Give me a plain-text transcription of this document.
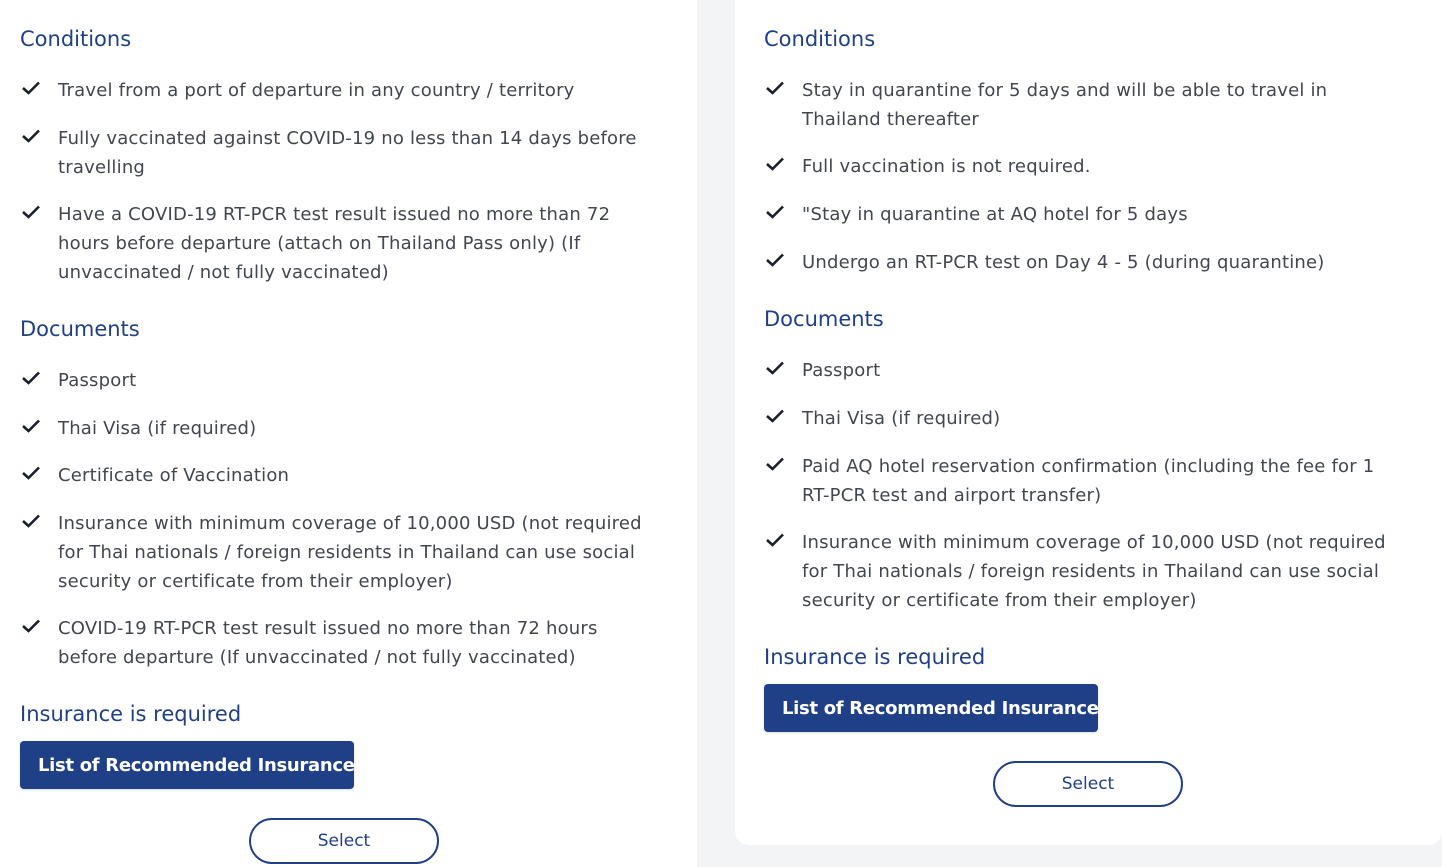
Conditions
Travel from a port of departure in any country / territory
Fully vaccinated against COVID-19 no less than 14 days before travelling
Have a COVID-19 RT-PCR test result issued no more than 72 hours before departure (attach on Thailand Pass only) (If unvaccinated / not fully vaccinated)
Documents
Passport
Thai Visa (if required)
Certificate of Vaccination
Insurance with minimum coverage of 10,000 USD (not required for Thai nationals / foreign residents in Thailand can use social security or certificate from their employer)
COVID-19 RT-PCR test result issued no more than 72 hours before departure (If unvaccinated / not fully vaccinated)
Insurance is required
List of Recommended Insurance
Select
Conditions
Stay in quarantine for 5 days and will be able to travel in Thailand thereafter
Full vaccination is not required.
"Stay in quarantine at AQ hotel for 5 days
Undergo an RT-PCR test on Day 4 - 5 (during quarantine)
Documents
Passport
Thai Visa (if required)
Paid AQ hotel reservation confirmation (including the fee for 1 RT-PCR test and airport transfer)
Insurance with minimum coverage of 10,000 USD (not required for Thai nationals / foreign residents in Thailand can use social security or certificate from their employer)
Insurance is required
List of Recommended Insurance
Select
